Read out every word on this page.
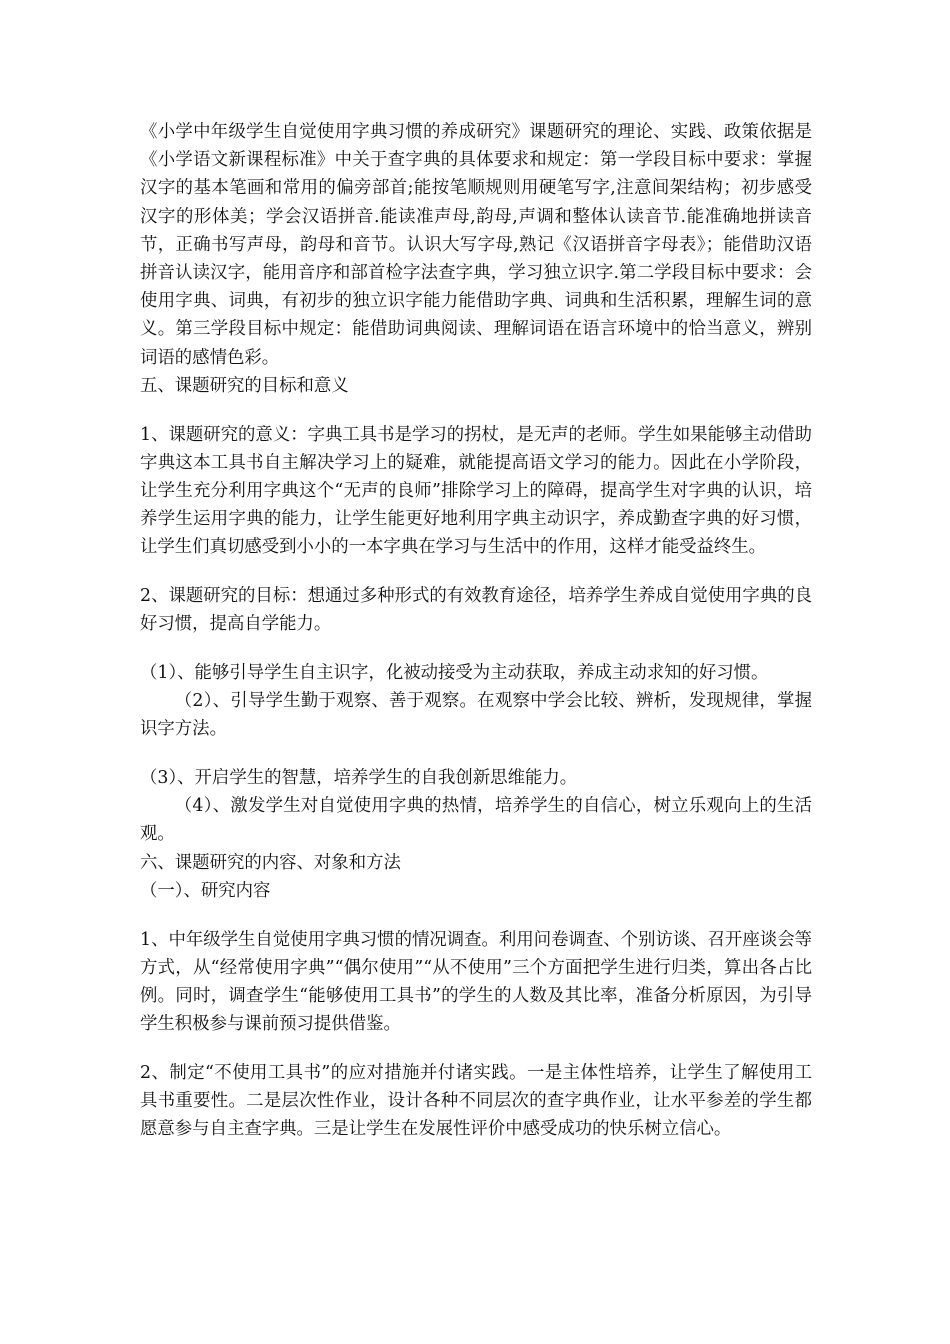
《小学中年级学生自觉使用字典习惯的养成研究》课题研究的理论、实践、政策依据是《小学语文新课程标准》中关于查字典的具体要求和规定：第一学段目标中要求：掌握汉字的基本笔画和常用的偏旁部首;能按笔顺规则用硬笔写字,注意间架结构；初步感受汉字的形体美；学会汉语拼音.能读准声母,韵母,声调和整体认读音节.能准确地拼读音节，正确书写声母，韵母和音节。认识大写字母,熟记《汉语拼音字母表》；能借助汉语拼音认读汉字，能用音序和部首检字法查字典，学习独立识字.第二学段目标中要求：会使用字典、词典，有初步的独立识字能力能借助字典、词典和生活积累，理解生词的意义。第三学段目标中规定：能借助词典阅读、理解词语在语言环境中的恰当意义，辨别词语的感情色彩。

五、课题研究的目标和意义

1、课题研究的意义：字典工具书是学习的拐杖，是无声的老师。学生如果能够主动借助字典这本工具书自主解决学习上的疑难，就能提高语文学习的能力。因此在小学阶段，让学生充分利用字典这个“无声的良师”排除学习上的障碍，提高学生对字典的认识，培养学生运用字典的能力，让学生能更好地利用字典主动识字，养成勤查字典的好习惯，让学生们真切感受到小小的一本字典在学习与生活中的作用，这样才能受益终生。

2、课题研究的目标：想通过多种形式的有效教育途径，培养学生养成自觉使用字典的良好习惯，提高自学能力。

（1）、能够引导学生自主识字，化被动接受为主动获取，养成主动求知的好习惯。

（2）、引导学生勤于观察、善于观察。在观察中学会比较、辨析，发现规律，掌握识字方法。

（3）、开启学生的智慧，培养学生的自我创新思维能力。

（4）、激发学生对自觉使用字典的热情，培养学生的自信心，树立乐观向上的生活观。

六、课题研究的内容、对象和方法

（一）、研究内容

1、中年级学生自觉使用字典习惯的情况调查。利用问卷调查、个别访谈、召开座谈会等方式，从“经常使用字典”“偶尔使用”“从不使用”三个方面把学生进行归类，算出各占比例。同时，调查学生“能够使用工具书”的学生的人数及其比率，准备分析原因，为引导学生积极参与课前预习提供借鉴。

2、制定“不使用工具书”的应对措施并付诸实践。一是主体性培养，让学生了解使用工具书重要性。二是层次性作业，设计各种不同层次的查字典作业，让水平参差的学生都愿意参与自主查字典。三是让学生在发展性评价中感受成功的快乐树立信心。
